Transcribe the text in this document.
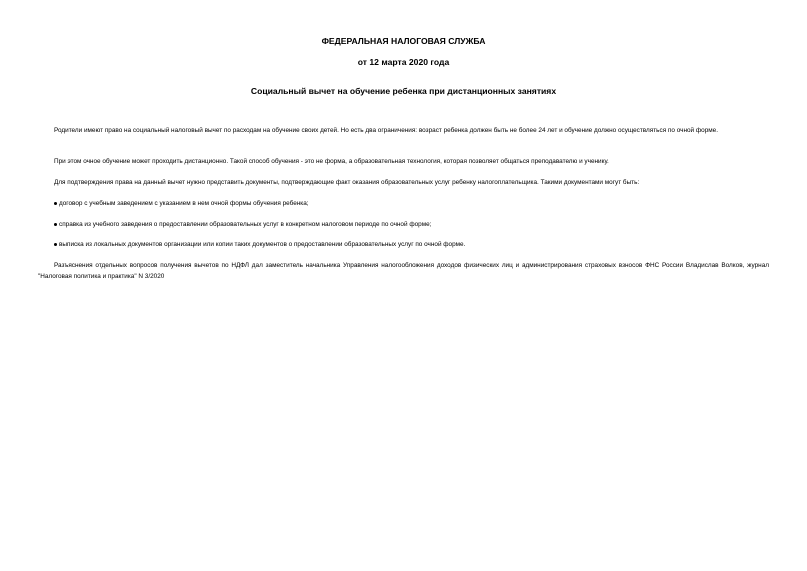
ФЕДЕРАЛЬНАЯ НАЛОГОВАЯ СЛУЖБА
от 12 марта 2020 года
Социальный вычет на обучение ребенка при дистанционных занятиях
Родители имеют право на социальный налоговый вычет по расходам на обучение своих детей. Но есть два ограничения: возраст ребенка должен быть не более 24 лет и обучение должно осуществляться по очной форме.
При этом очное обучение может проходить дистанционно. Такой способ обучения - это не форма, а образовательная технология, которая позволяет общаться преподавателю и ученику.
Для подтверждения права на данный вычет нужно представить документы, подтверждающие факт оказания образовательных услуг ребенку налогоплательщика. Такими документами могут быть:
договор с учебным заведением с указанием в нем очной формы обучения ребенка;
справка из учебного заведения о предоставлении образовательных услуг в конкретном налоговом периоде по очной форме;
выписка из локальных документов организации или копии таких документов о предоставлении образовательных услуг по очной форме.
Разъяснения отдельных вопросов получения вычетов по НДФЛ дал заместитель начальника Управления налогообложения доходов физических лиц и администрирования страховых взносов ФНС России Владислав Волков, журнал "Налоговая политика и практика" N 3/2020
